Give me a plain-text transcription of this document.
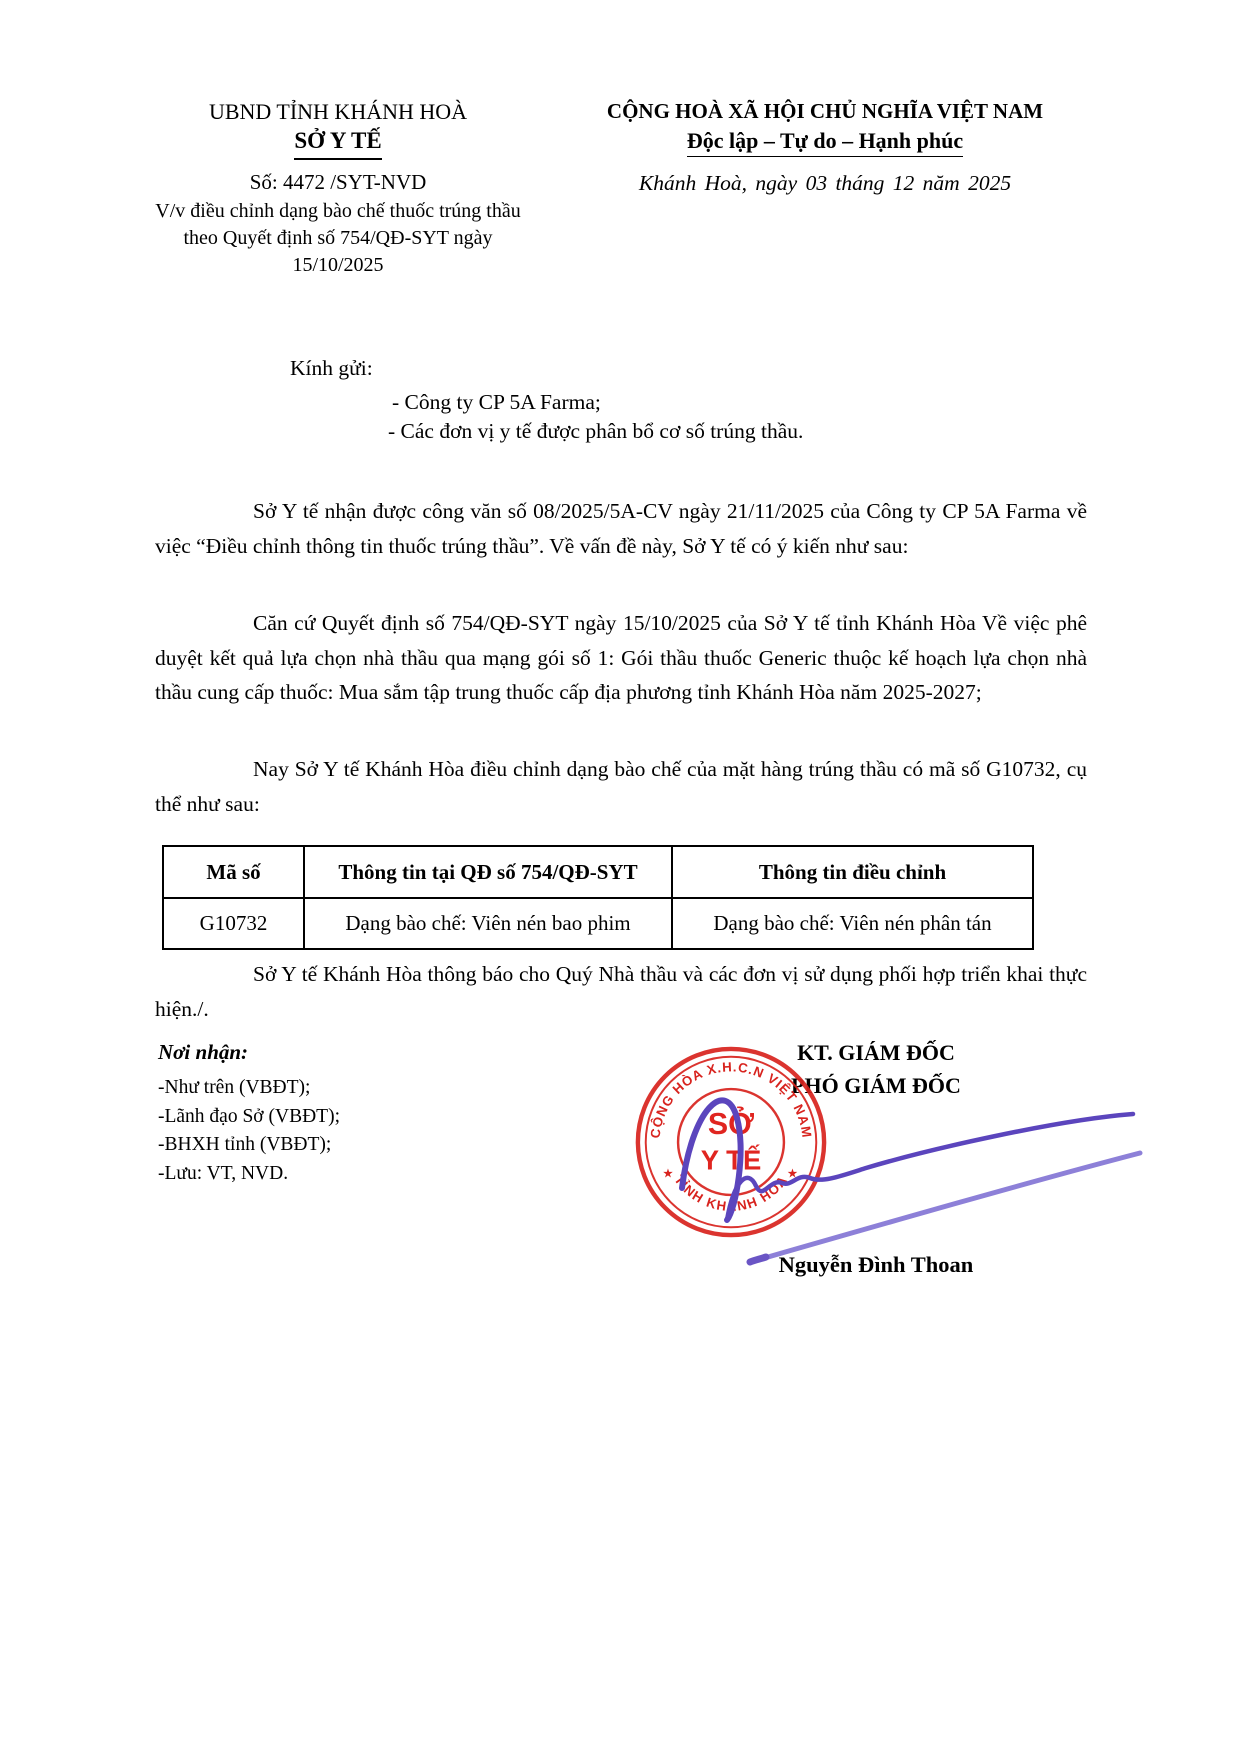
UBND TỈNH KHÁNH HOÀ
SỞ Y TẾ
Số: 4472 /SYT-NVD
V/v điều chỉnh dạng bào chế thuốc trúng thầu theo Quyết định số 754/QĐ-SYT ngày 15/10/2025
CỘNG HOÀ XÃ HỘI CHỦ NGHĨA VIỆT NAM
Độc lập – Tự do – Hạnh phúc
Khánh Hoà, ngày 03 tháng 12 năm 2025
Kính gửi:
- Công ty CP 5A Farma;
- Các đơn vị y tế được phân bổ cơ số trúng thầu.

Sở Y tế nhận được công văn số 08/2025/5A-CV ngày 21/11/2025 của Công ty CP 5A Farma về việc “Điều chỉnh thông tin thuốc trúng thầu”. Về vấn đề này, Sở Y tế có ý kiến như sau:

Căn cứ Quyết định số 754/QĐ-SYT ngày 15/10/2025 của Sở Y tế tỉnh Khánh Hòa Về việc phê duyệt kết quả lựa chọn nhà thầu qua mạng gói số 1: Gói thầu thuốc Generic thuộc kế hoạch lựa chọn nhà thầu cung cấp thuốc: Mua sắm tập trung thuốc cấp địa phương tỉnh Khánh Hòa năm 2025-2027;

Nay Sở Y tế Khánh Hòa điều chỉnh dạng bào chế của mặt hàng trúng thầu có mã số G10732, cụ thể như sau:

Mã số	Thông tin tại QĐ số 754/QĐ-SYT	Thông tin điều chỉnh
G10732	Dạng bào chế: Viên nén bao phim	Dạng bào chế: Viên nén phân tán

Sở Y tế Khánh Hòa thông báo cho Quý Nhà thầu và các đơn vị sử dụng phối hợp triển khai thực hiện./.

Nơi nhận:
-Như trên (VBĐT);
-Lãnh đạo Sở (VBĐT);
-BHXH tỉnh (VBĐT);
-Lưu: VT, NVD.
KT. GIÁM ĐỐC
PHÓ GIÁM ĐỐC
CỘNG HÒA X.H.C.N VIỆT NAM
TỈNH KHÁNH HÒA
★	★
SỞ
Y TẾ
Nguyễn Đình Thoan
